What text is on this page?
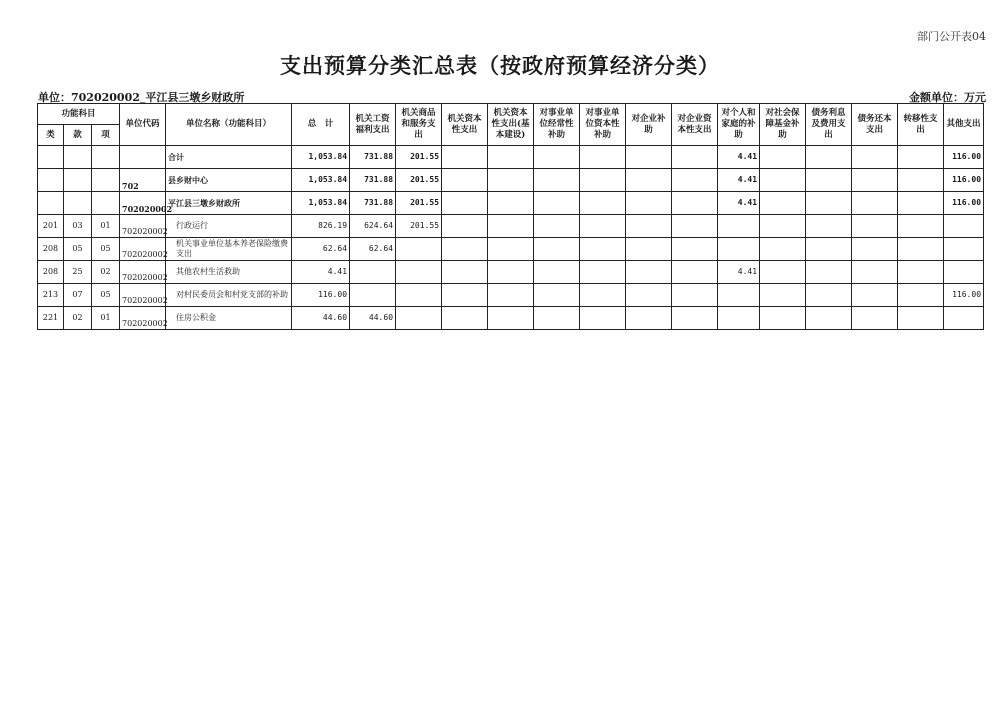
部门公开表04
支出预算分类汇总表（按政府预算经济分类）
单位：702020002_平江县三墩乡财政所	金额单位：万元
功能科目			单位代码	单位名称（功能科目）	总　计	机关工资福利支出	机关商品和服务支出	机关资本性支出	机关资本性支出(基本建设)	对事业单位经常性补助	对事业单位资本性补助	对企业补助	对企业资本性支出	对个人和家庭的补助	对社会保障基金补助	债务利息及费用支出	债务还本支出	转移性支出	其他支出
类	款	项																	
				合计	1,053.84	731.88	201.55							4.41					116.00
			702	县乡财中心	1,053.84	731.88	201.55							4.41					116.00
			702020002	平江县三墩乡财政所	1,053.84	731.88	201.55							4.41					116.00
201	03	01	702020002	行政运行	826.19	624.64	201.55												
208	05	05	702020002	机关事业单位基本养老保险缴费支出	62.64	62.64													
208	25	02	702020002	其他农村生活救助	4.41									4.41					
213	07	05	702020002	对村民委员会和村党支部的补助	116.00														116.00
221	02	01	702020002	住房公积金	44.60	44.60													
